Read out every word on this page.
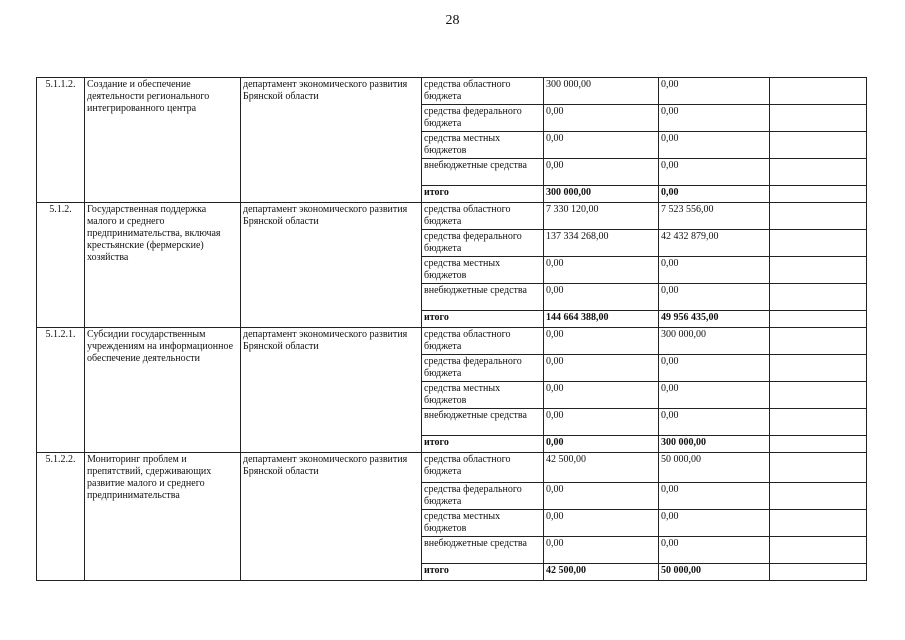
28
5.1.1.2.	Создание и обеспечение деятельности регионального интегрированного центра	департамент экономического развития Брянской области	средства областного бюджета	300 000,00	0,00	
			средства федерального бюджета	0,00	0,00	
			средства местных бюджетов	0,00	0,00	
			внебюджетные средства	0,00	0,00	
			итого	300 000,00	0,00	
5.1.2.	Государственная поддержка малого и среднего предпринимательства, включая крестьянские (фермерские) хозяйства	департамент экономического развития Брянской области	средства областного бюджета	7 330 120,00	7 523 556,00	
			средства федерального бюджета	137 334 268,00	42 432 879,00	
			средства местных бюджетов	0,00	0,00	
			внебюджетные средства	0,00	0,00	
			итого	144 664 388,00	49 956 435,00	
5.1.2.1.	Субсидии государственным учреждениям на информационное обеспечение деятельности	департамент экономического развития Брянской области	средства областного бюджета	0,00	300 000,00	
			средства федерального бюджета	0,00	0,00	
			средства местных бюджетов	0,00	0,00	
			внебюджетные средства	0,00	0,00	
			итого	0,00	300 000,00	
5.1.2.2.	Мониторинг проблем и препятствий, сдерживающих развитие малого и среднего предпринимательства	департамент экономического развития Брянской области	средства областного бюджета	42 500,00	50 000,00	
			средства федерального бюджета	0,00	0,00	
			средства местных бюджетов	0,00	0,00	
			внебюджетные средства	0,00	0,00	
			итого	42 500,00	50 000,00	
